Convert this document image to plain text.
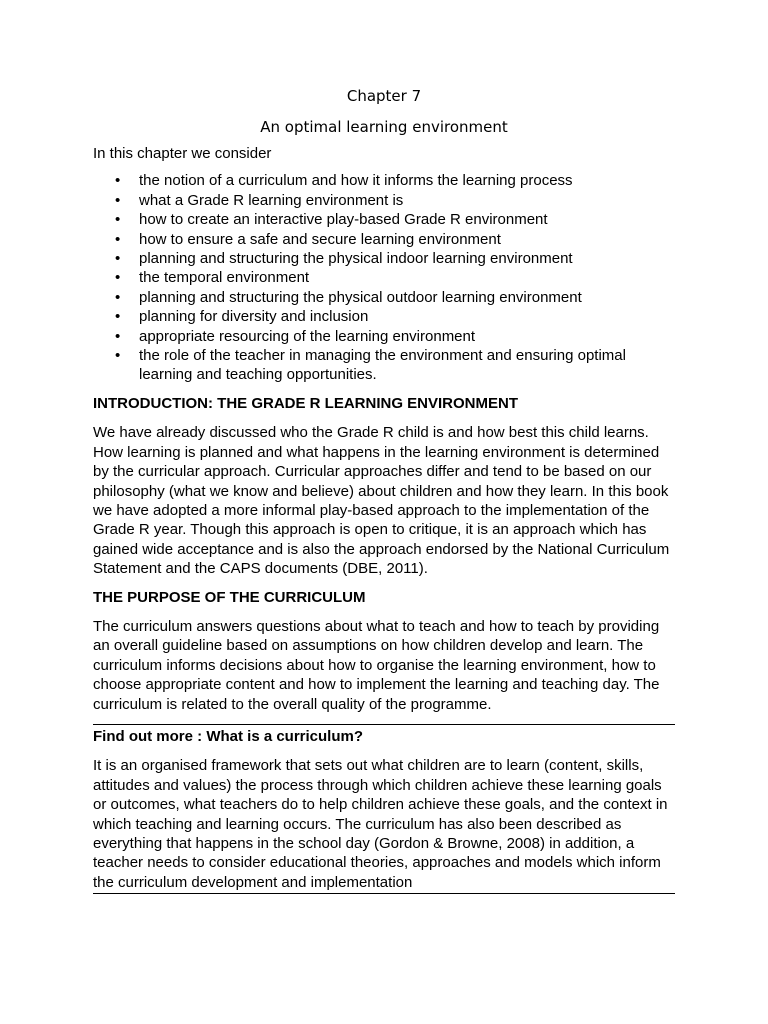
Chapter 7

An optimal learning environment

In this chapter we consider

• the notion of a curriculum and how it informs the learning process
• what a Grade R learning environment is
• how to create an interactive play-based Grade R environment
• how to ensure a safe and secure learning environment
• planning and structuring the physical indoor learning environment
• the temporal environment
• planning and structuring the physical outdoor learning environment
• planning for diversity and inclusion
• appropriate resourcing of the learning environment
• the role of the teacher in managing the environment and ensuring optimal learning and teaching opportunities.
INTRODUCTION: THE GRADE R LEARNING ENVIRONMENT

We have already discussed who the Grade R child is and how best this child learns. How learning is planned and what happens in the learning environment is determined by the curricular approach. Curricular approaches differ and tend to be based on our philosophy (what we know and believe) about children and how they learn. In this book we have adopted a more informal play-based approach to the implementation of the Grade R year. Though this approach is open to critique, it is an approach which has gained wide acceptance and is also the approach endorsed by the National Curriculum Statement and the CAPS documents (DBE, 2011).

THE PURPOSE OF THE CURRICULUM

The curriculum answers questions about what to teach and how to teach by providing an overall guideline based on assumptions on how children develop and learn. The curriculum informs decisions about how to organise the learning environment, how to choose appropriate content and how to implement the learning and teaching day. The curriculum is related to the overall quality of the programme.

Find out more : What is a curriculum?

It is an organised framework that sets out what children are to learn (content, skills, attitudes and values) the process through which children achieve these learning goals or outcomes, what teachers do to help children achieve these goals, and the context in which teaching and learning occurs. The curriculum has also been described as everything that happens in the school day (Gordon & Browne, 2008) in addition, a teacher needs to consider educational theories, approaches and models which inform the curriculum development and implementation
